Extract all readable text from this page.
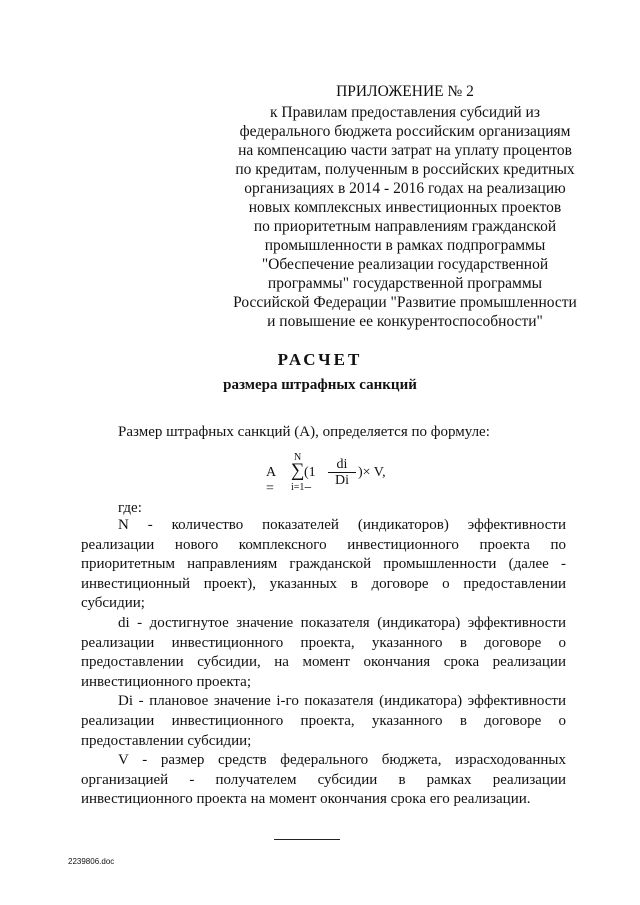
ПРИЛОЖЕНИЕ № 2
к Правилам предоставления субсидий из
федерального бюджета российским организациям
на компенсацию части затрат на уплату процентов
по кредитам, полученным в российских кредитных
организациях в 2014 - 2016 годах на реализацию
новых комплексных инвестиционных проектов
по приоритетным направлениям гражданской
промышленности в рамках подпрограммы
"Обеспечение реализации государственной
программы" государственной программы
Российской Федерации "Развитие промышленности
и повышение ее конкурентоспособности"
РАСЧЕТ
размера штрафных санкций
Размер штрафных санкций (A), определяется по формуле:
A =
N
∑
i=1
(1 −
$\frac{di}{Di}$ )× V,
где:

N - количество показателей (индикаторов) эффективности реализации нового комплексного инвестиционного проекта по приоритетным направлениям гражданской промышленности (далее - инвестиционный проект), указанных в договоре о предоставлении субсидии;

di - достигнутое значение показателя (индикатора) эффективности реализации инвестиционного проекта, указанного в договоре о предоставлении субсидии, на момент окончания срока реализации инвестиционного проекта;

Di - плановое значение i-го показателя (индикатора) эффективности реализации инвестиционного проекта, указанного в договоре о предоставлении субсидии;

V - размер средств федерального бюджета, израсходованных организацией - получателем субсидии в рамках реализации инвестиционного проекта на момент окончания срока его реализации.

2239806.doc
